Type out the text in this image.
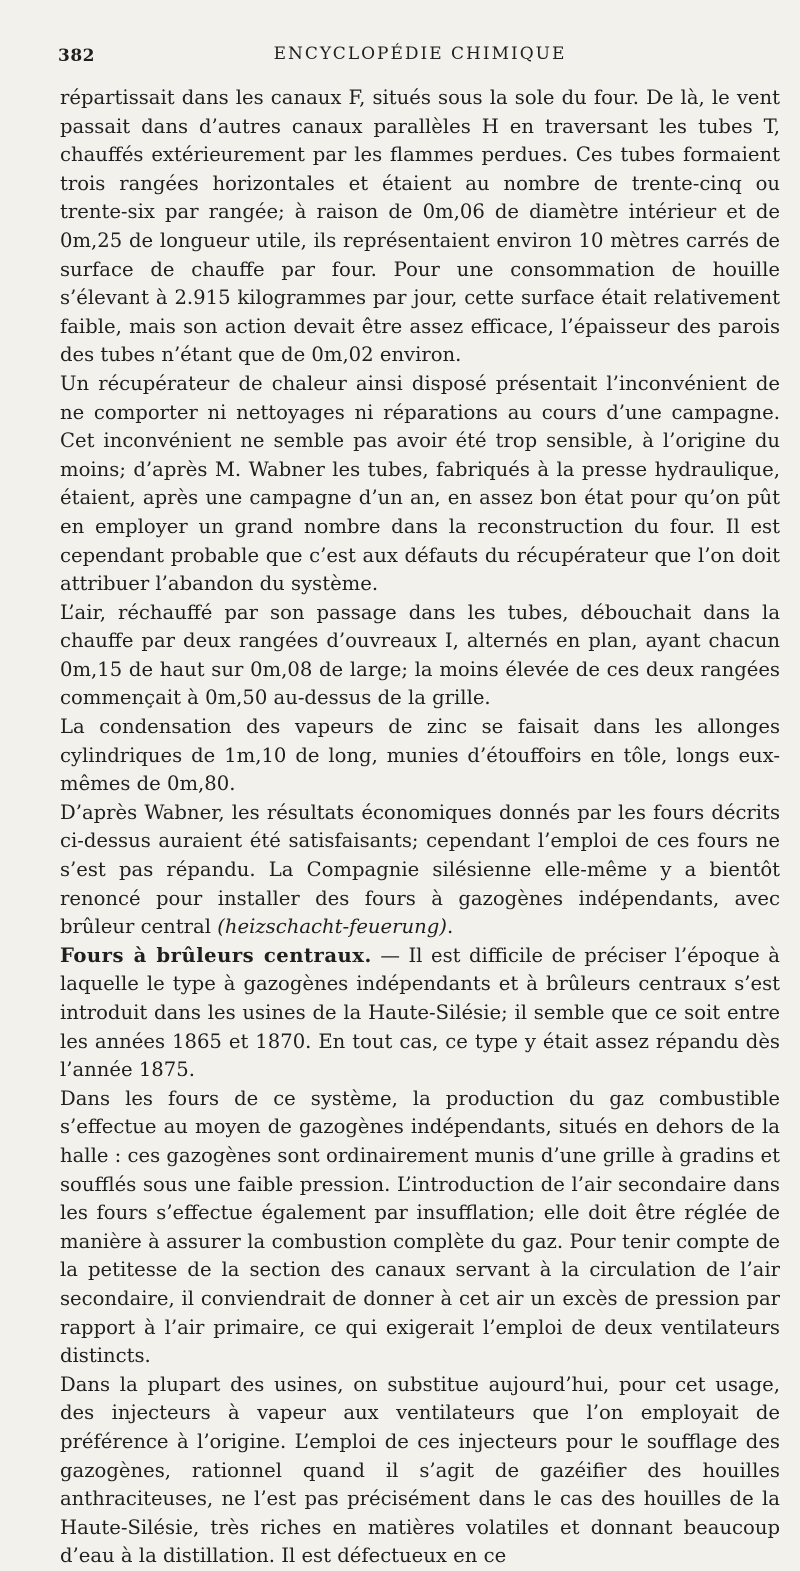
382	ENCYCLOPÉDIE CHIMIQUE

répartissait dans les canaux F, situés sous la sole du four. De là, le vent passait dans d’autres canaux parallèles H en traversant les tubes T, chauffés extérieurement par les flammes perdues. Ces tubes formaient trois rangées horizontales et étaient au nombre de trente-cinq ou trente-six par rangée; à raison de 0m,06 de diamètre intérieur et de 0m,25 de longueur utile, ils représentaient environ 10 mètres carrés de surface de chauffe par four. Pour une consommation de houille s’élevant à 2.915 kilogrammes par jour, cette surface était relativement faible, mais son action devait être assez efficace, l’épaisseur des parois des tubes n’étant que de 0m,02 environ.

Un récupérateur de chaleur ainsi disposé présentait l’inconvénient de ne comporter ni nettoyages ni réparations au cours d’une campagne. Cet inconvénient ne semble pas avoir été trop sensible, à l’origine du moins; d’après M. Wabner les tubes, fabriqués à la presse hydraulique, étaient, après une campagne d’un an, en assez bon état pour qu’on pût en employer un grand nombre dans la reconstruction du four. Il est cependant probable que c’est aux défauts du récupérateur que l’on doit attribuer l’abandon du système.

L’air, réchauffé par son passage dans les tubes, débouchait dans la chauffe par deux rangées d’ouvreaux I, alternés en plan, ayant chacun 0m,15 de haut sur 0m,08 de large; la moins élevée de ces deux rangées commençait à 0m,50 au-dessus de la grille.

La condensation des vapeurs de zinc se faisait dans les allonges cylindriques de 1m,10 de long, munies d’étouffoirs en tôle, longs eux-mêmes de 0m,80.

D’après Wabner, les résultats économiques donnés par les fours décrits ci-dessus auraient été satisfaisants; cependant l’emploi de ces fours ne s’est pas répandu. La Compagnie silésienne elle-même y a bientôt renoncé pour installer des fours à gazogènes indépendants, avec brûleur central (heizschacht-feuerung).

Fours à brûleurs centraux. — Il est difficile de préciser l’époque à laquelle le type à gazogènes indépendants et à brûleurs centraux s’est introduit dans les usines de la Haute-Silésie; il semble que ce soit entre les années 1865 et 1870. En tout cas, ce type y était assez répandu dès l’année 1875.

Dans les fours de ce système, la production du gaz combustible s’effectue au moyen de gazogènes indépendants, situés en dehors de la halle : ces gazogènes sont ordinairement munis d’une grille à gradins et soufflés sous une faible pression. L’introduction de l’air secondaire dans les fours s’effectue également par insufflation; elle doit être réglée de manière à assurer la combustion complète du gaz. Pour tenir compte de la petitesse de la section des canaux servant à la circulation de l’air secondaire, il conviendrait de donner à cet air un excès de pression par rapport à l’air primaire, ce qui exigerait l’emploi de deux ventilateurs distincts.

Dans la plupart des usines, on substitue aujourd’hui, pour cet usage, des injecteurs à vapeur aux ventilateurs que l’on employait de préférence à l’origine. L’emploi de ces injecteurs pour le soufflage des gazogènes, rationnel quand il s’agit de gazéifier des houilles anthraciteuses, ne l’est pas précisément dans le cas des houilles de la Haute-Silésie, très riches en matières volatiles et donnant beaucoup d’eau à la distillation. Il est défectueux en ce
